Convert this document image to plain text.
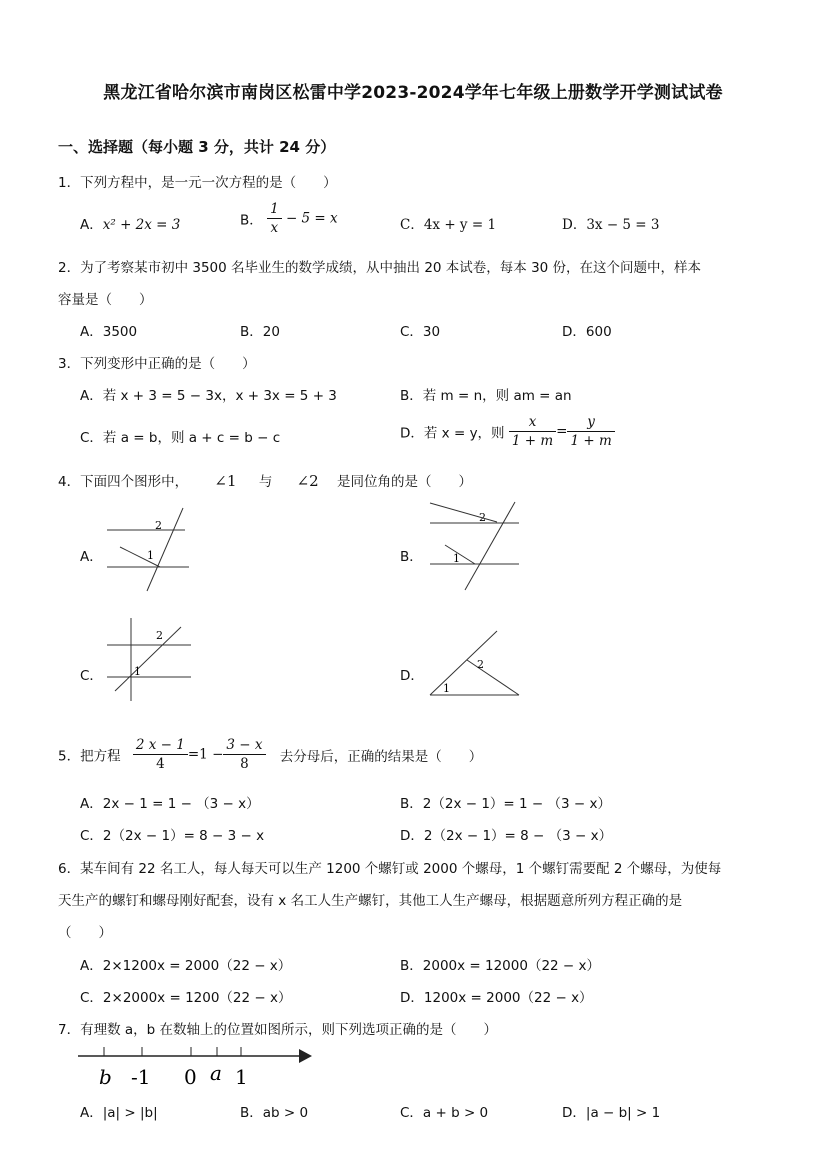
黑龙江省哈尔滨市南岗区松雷中学2023-2024学年七年级上册数学开学测试试卷
一、选择题（每小题 3 分，共计 24 分）
1．下列方程中，是一元一次方程的是（　　）
A．x² + 2x = 3	B． $\frac{1}{x} - 5 = x$	C．4x + y = 1	D．3x − 5 = 3
2．为了考察某市初中 3500 名毕业生的数学成绩，从中抽出 20 本试卷，每本 30 份，在这个问题中，样本
容量是（　　）
A．3500	B．20	C．30	D．600
3．下列变形中正确的是（　　）
A．若 x + 3 = 5 − 3x，x + 3x = 5 + 3	B．若 m = n，则 am = an
C．若 a = b，则 a + c = b − c	D．若 x = y，则 $\frac{x}{1 + m} = \frac{y}{1 + m}$
4．下面四个图形中， ∠1 与 ∠2 是同位角的是（　　）
A．
2
1	B．
2
1
C．
2
1	D．
2
1
5．把方程 $\frac{2 x - 1}{4} =1 - \frac{3 - x}{8}$ 去分母后，正确的结果是（　　）
A．2x − 1 = 1 − （3 − x）	B．2（2x − 1）= 1 − （3 − x）
C．2（2x − 1）= 8 − 3 − x	D．2（2x − 1）= 8 − （3 − x）
6．某车间有 22 名工人，每人每天可以生产 1200 个螺钉或 2000 个螺母，1 个螺钉需要配 2 个螺母，为使每
天生产的螺钉和螺母刚好配套，设有 x 名工人生产螺钉，其他工人生产螺母，根据题意所列方程正确的是
（　　）
A．2×1200x = 2000（22 − x）	B．2000x = 12000（22 − x）
C．2×2000x = 1200（22 − x）	D．1200x = 2000（22 − x）
7．有理数 a，b 在数轴上的位置如图所示，则下列选项正确的是（　　）
b -1 0 a 1
A．|a| > |b|	B．ab > 0	C．a + b > 0	D．|a − b| > 1
